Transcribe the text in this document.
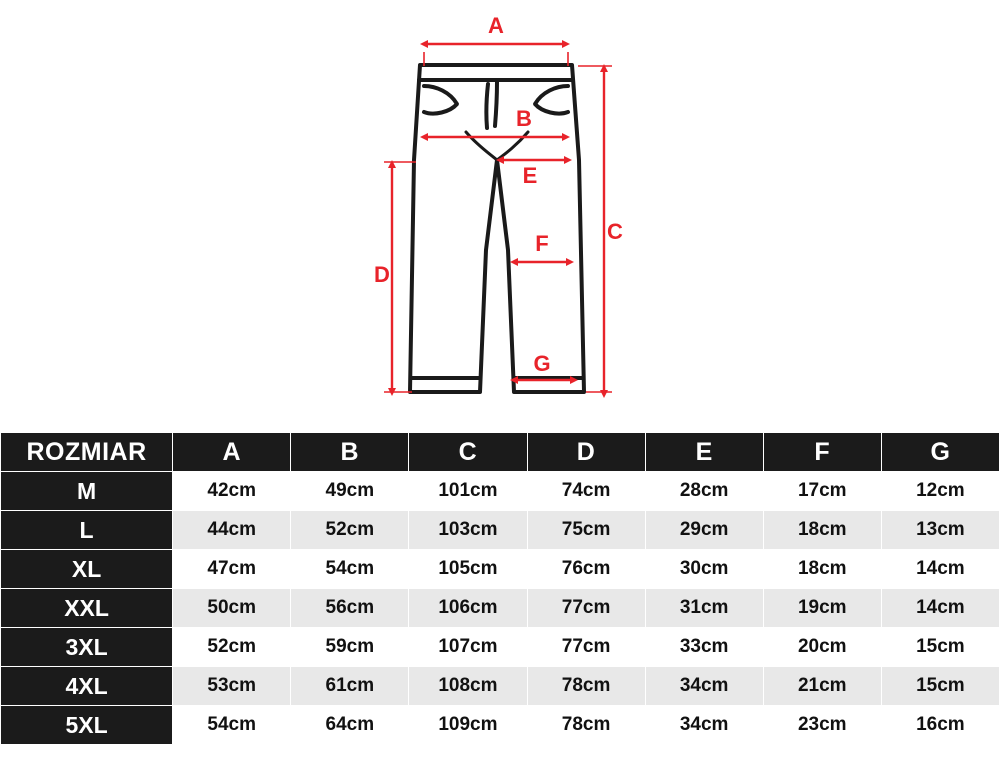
A
B
C
D
E
F
G
ROZMIAR	A	B	C	D	E	F	G
M	42cm	49cm	101cm	74cm	28cm	17cm	12cm
L	44cm	52cm	103cm	75cm	29cm	18cm	13cm
XL	47cm	54cm	105cm	76cm	30cm	18cm	14cm
XXL	50cm	56cm	106cm	77cm	31cm	19cm	14cm
3XL	52cm	59cm	107cm	77cm	33cm	20cm	15cm
4XL	53cm	61cm	108cm	78cm	34cm	21cm	15cm
5XL	54cm	64cm	109cm	78cm	34cm	23cm	16cm
